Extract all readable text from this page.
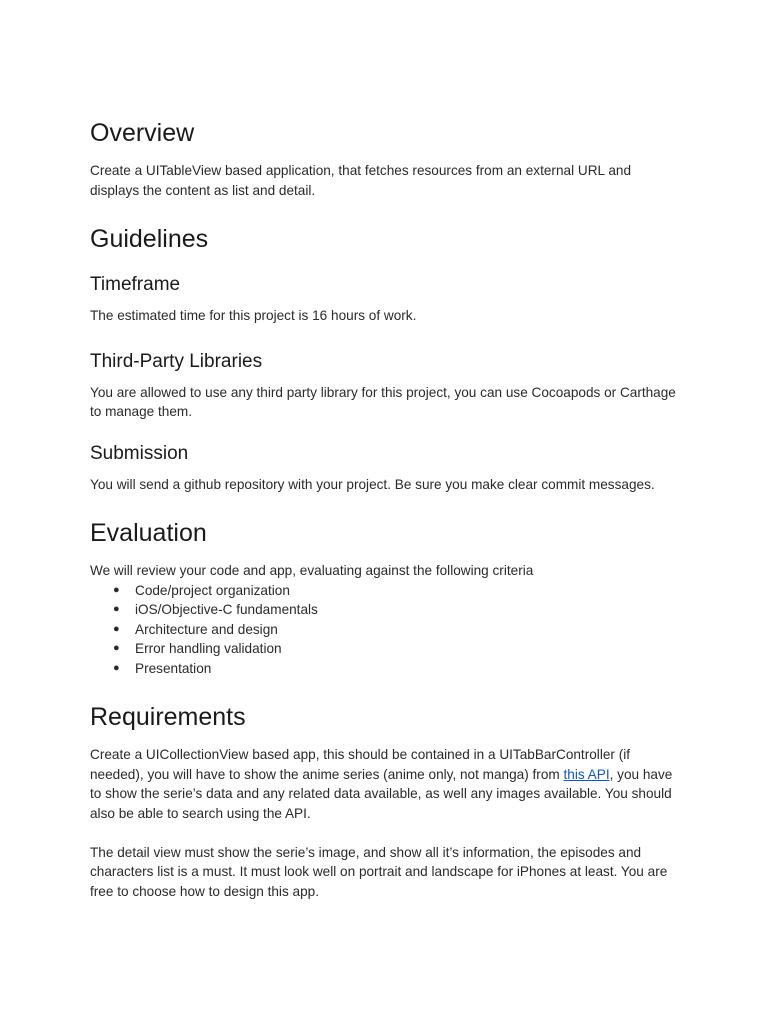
Overview

Create a UITableView based application, that fetches resources from an external URL and displays the content as list and detail.

Guidelines
Timeframe

The estimated time for this project is 16 hours of work.

Third-Party Libraries

You are allowed to use any third party library for this project, you can use Cocoapods or Carthage to manage them.

Submission

You will send a github repository with your project. Be sure you make clear commit messages.

Evaluation

We will review your code and app, evaluating against the following criteria

● Code/project organization
● iOS/Objective-C fundamentals
● Architecture and design
● Error handling validation
● Presentation
Requirements

Create a UICollectionView based app, this should be contained in a UITabBarController (if needed), you will have to show the anime series (anime only, not manga) from this API, you have to show the serie’s data and any related data available, as well any images available. You should also be able to search using the API.

The detail view must show the serie’s image, and show all it’s information, the episodes and characters list is a must. It must look well on portrait and landscape for iPhones at least. You are free to choose how to design this app.
